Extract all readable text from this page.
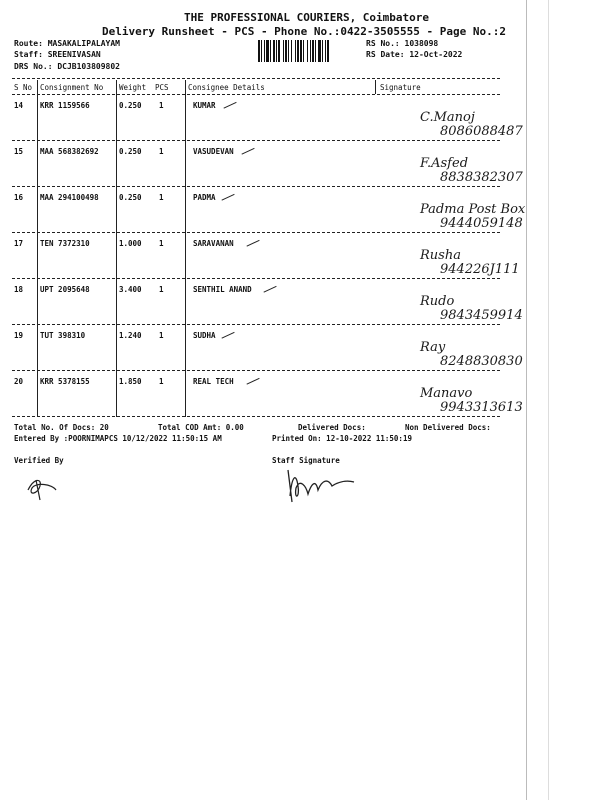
THE PROFESSIONAL COURIERS, Coimbatore
Delivery Runsheet - PCS - Phone No.:0422-3505555 - Page No.:2
Route: MASAKALIPALAYAM
Staff: SREENIVASAN
DRS No.: DCJB103809802
RS No.: 1038098
RS Date: 12-Oct-2022
S No Consignment No Weight PCS	Consignee Details	Signature
14 KRR 1159566	0.250 1	KUMAR
C.Manoj
8086088487
15 MAA 568382692	0.250 1	VASUDEVAN
F.Asfed
8838382307
16 MAA 294100498	0.250 1	PADMA
Padma Post Box
9444059148
17 TEN 7372310	1.000 1	SARAVANAN
Rusha
944226J111
18 UPT 2095648	3.400 1	SENTHIL ANAND
Rudo
9843459914
19 TUT 398310	1.240 1	SUDHA
Ray
8248830830
20 KRR 5378155	1.850 1	REAL TECH
Manavo
9943313613
Total No. Of Docs: 20	Total COD Amt: 0.00	Delivered Docs:	Non Delivered Docs:
Entered By :POORNIMAPCS 10/12/2022 11:50:15 AM	Printed On: 12-10-2022 11:50:19
Verified By	Staff Signature
